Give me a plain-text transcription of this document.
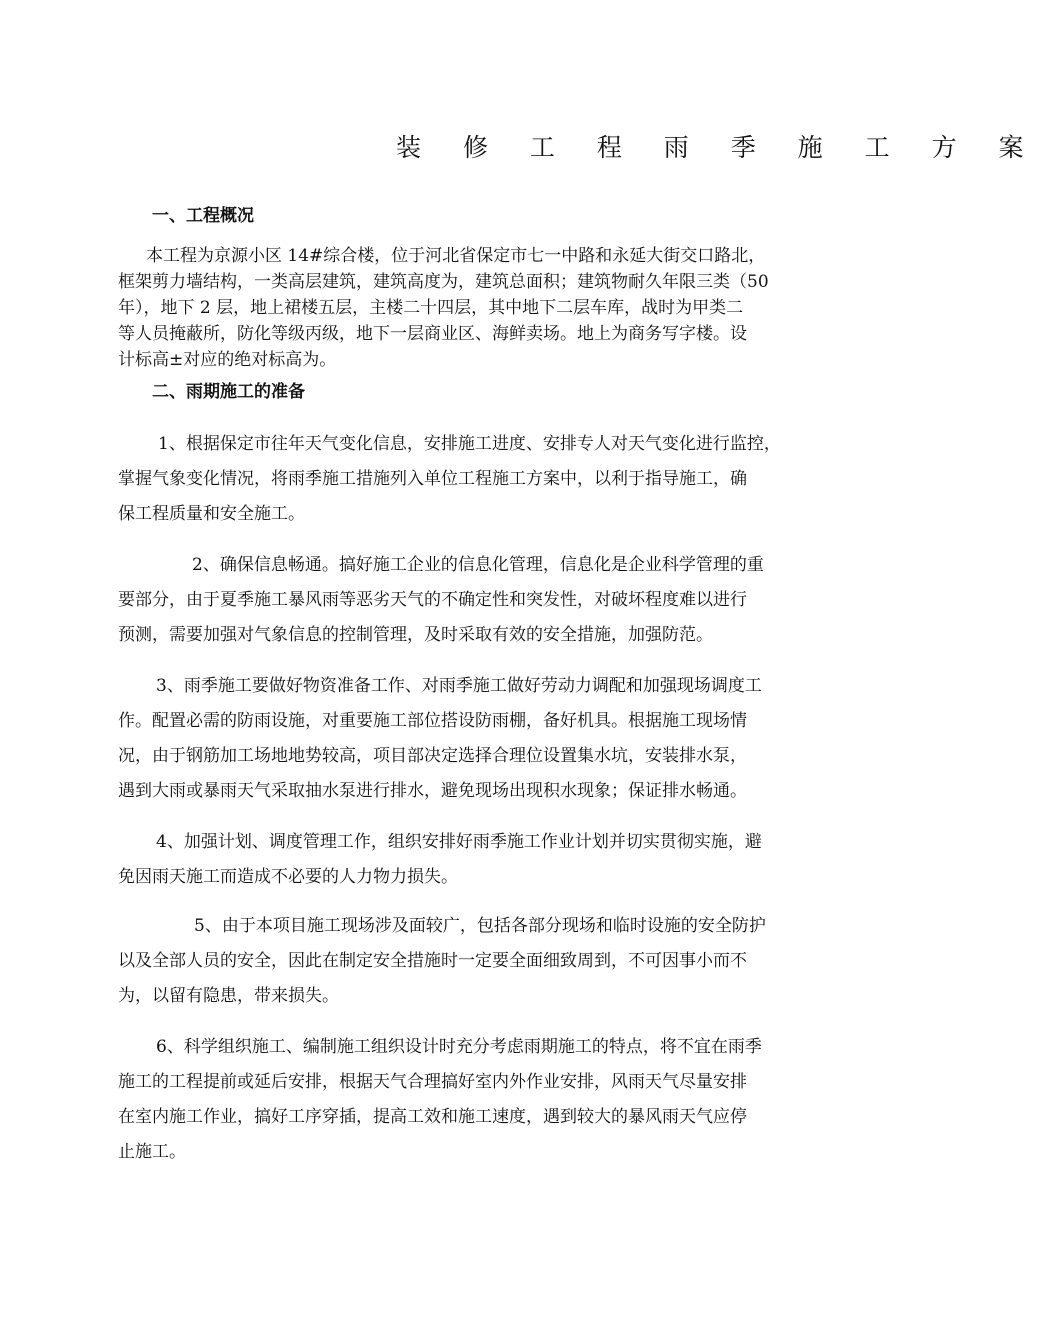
装 修 工 程 雨 季 施 工 方 案
一、工程概况
本工程为京源小区 14#综合楼，位于河北省保定市七一中路和永延大街交口路北，
框架剪力墙结构，一类高层建筑，建筑高度为，建筑总面积；建筑物耐久年限三类（50
年），地下 2 层，地上裙楼五层，主楼二十四层，其中地下二层车库，战时为甲类二
等人员掩蔽所，防化等级丙级，地下一层商业区、海鲜卖场。地上为商务写字楼。设
计标高±对应的绝对标高为。
二、雨期施工的准备
1、根据保定市往年天气变化信息，安排施工进度、安排专人对天气变化进行监控，
掌握气象变化情况，将雨季施工措施列入单位工程施工方案中，以利于指导施工，确
保工程质量和安全施工。
2、确保信息畅通。搞好施工企业的信息化管理，信息化是企业科学管理的重
要部分，由于夏季施工暴风雨等恶劣天气的不确定性和突发性，对破坏程度难以进行
预测，需要加强对气象信息的控制管理，及时采取有效的安全措施，加强防范。
3、雨季施工要做好物资准备工作、对雨季施工做好劳动力调配和加强现场调度工
作。配置必需的防雨设施，对重要施工部位搭设防雨棚，备好机具。根据施工现场情
况，由于钢筋加工场地地势较高，项目部决定选择合理位设置集水坑，安装排水泵，
遇到大雨或暴雨天气采取抽水泵进行排水，避免现场出现积水现象；保证排水畅通。
4、加强计划、调度管理工作，组织安排好雨季施工作业计划并切实贯彻实施，避
免因雨天施工而造成不必要的人力物力损失。
5、由于本项目施工现场涉及面较广，包括各部分现场和临时设施的安全防护
以及全部人员的安全，因此在制定安全措施时一定要全面细致周到，不可因事小而不
为，以留有隐患，带来损失。
6、科学组织施工、编制施工组织设计时充分考虑雨期施工的特点，将不宜在雨季
施工的工程提前或延后安排，根据天气合理搞好室内外作业安排，风雨天气尽量安排
在室内施工作业，搞好工序穿插，提高工效和施工速度，遇到较大的暴风雨天气应停
止施工。
